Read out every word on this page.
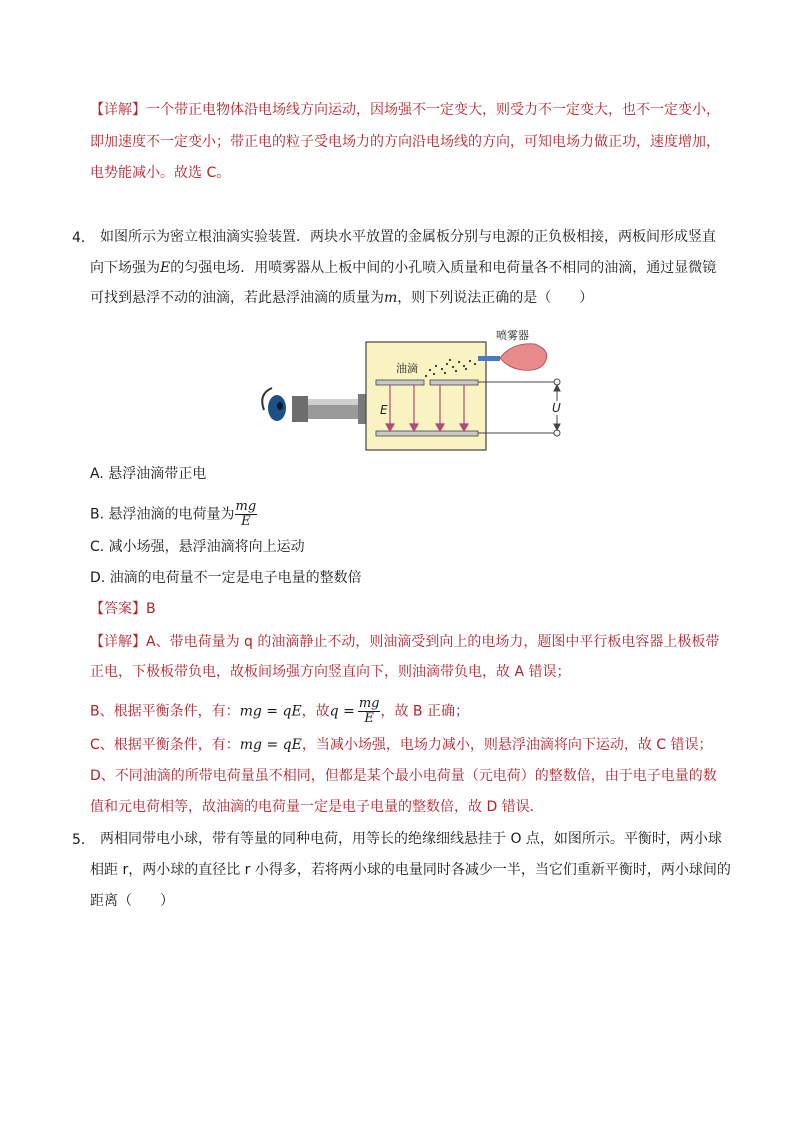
【详解】一个带正电物体沿电场线方向运动，因场强不一定变大，则受力不一定变大，也不一定变小，
即加速度不一定变小；带正电的粒子受电场力的方向沿电场线的方向，可知电场力做正功，速度增加，
电势能减小。故选 C。
4． 如图所示为密立根油滴实验装置．两块水平放置的金属板分别与电源的正负极相接，两板间形成竖直
向下场强为E的匀强电场．用喷雾器从上板中间的小孔喷入质量和电荷量各不相同的油滴，通过显微镜
可找到悬浮不动的油滴，若此悬浮油滴的质量为m，则下列说法正确的是（　　）
E
油滴
喷雾器
U
A. 悬浮油滴带正电
B. 悬浮油滴的电荷量为 $\frac{mg}{E}$
C. 减小场强，悬浮油滴将向上运动
D. 油滴的电荷量不一定是电子电量的整数倍
【答案】B
【详解】A、带电荷量为 q 的油滴静止不动，则油滴受到向上的电场力，题图中平行板电容器上极板带
正电，下极板带负电，故板间场强方向竖直向下，则油滴带负电，故 A 错误；
B、根据平衡条件，有：mg = qE，故$q = \frac{mg}{E}$ ，故 B 正确；
C、根据平衡条件，有：mg = qE，当减小场强，电场力减小，则悬浮油滴将向下运动，故 C 错误；
D、不同油滴的所带电荷量虽不相同，但都是某个最小电荷量（元电荷）的整数倍，由于电子电量的数
值和元电荷相等，故油滴的电荷量一定是电子电量的整数倍，故 D 错误．
5． 两相同带电小球，带有等量的同种电荷，用等长的绝缘细线悬挂于 O 点，如图所示。平衡时，两小球
相距 r，两小球的直径比 r 小得多，若将两小球的电量同时各减少一半，当它们重新平衡时，两小球间的
距离（　　）
